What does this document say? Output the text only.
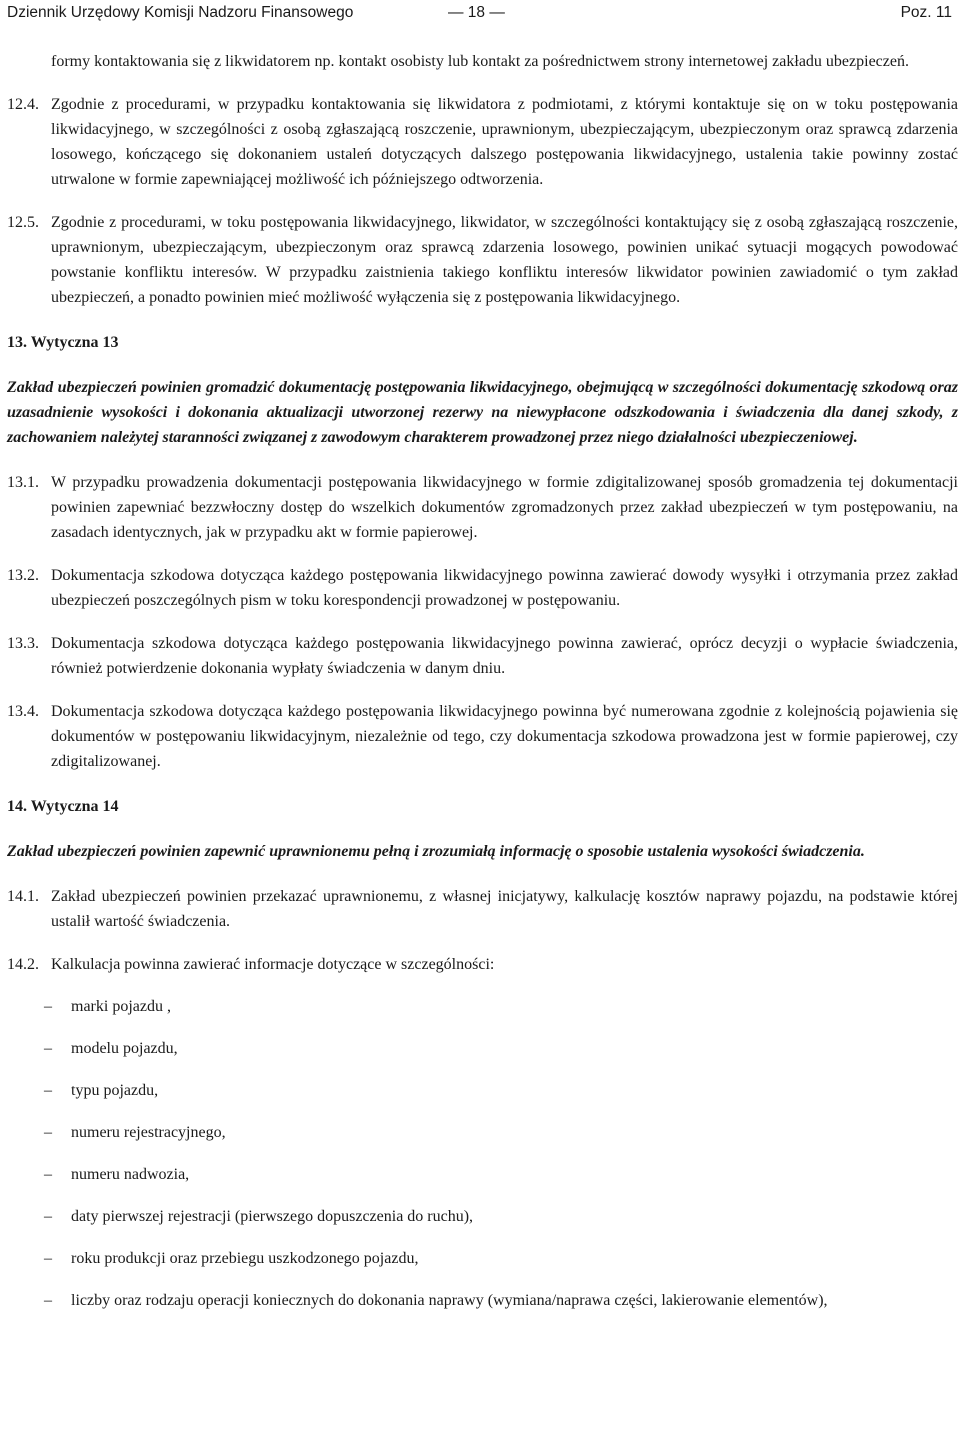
Dziennik Urzędowy Komisji Nadzoru Finansowego	— 18 —	Poz. 11

formy kontaktowania się z likwidatorem np. kontakt osobisty lub kontakt za pośrednictwem strony internetowej zakładu ubezpieczeń.

12.4. Zgodnie z procedurami, w przypadku kontaktowania się likwidatora z podmiotami, z którymi kontaktuje się on w toku postępowania likwidacyjnego, w szczególności z osobą zgłaszającą roszczenie, uprawnionym, ubezpieczającym, ubezpieczonym oraz sprawcą zdarzenia losowego, kończącego się dokonaniem ustaleń dotyczących dalszego postępowania likwidacyjnego, ustalenia takie powinny zostać utrwalone w formie zapewniającej możliwość ich późniejszego odtworzenia.
12.5. Zgodnie z procedurami, w toku postępowania likwidacyjnego, likwidator, w szczególności kontaktujący się z osobą zgłaszającą roszczenie, uprawnionym, ubezpieczającym, ubezpieczonym oraz sprawcą zdarzenia losowego, powinien unikać sytuacji mogących powodować powstanie konfliktu interesów. W przypadku zaistnienia takiego konfliktu interesów likwidator powinien zawiadomić o tym zakład ubezpieczeń, a ponadto powinien mieć możliwość wyłączenia się z postępowania likwidacyjnego.

13. Wytyczna 13

Zakład ubezpieczeń powinien gromadzić dokumentację postępowania likwidacyjnego, obejmującą w szczególności dokumentację szkodową oraz uzasadnienie wysokości i dokonania aktualizacji utworzonej rezerwy na niewypłacone odszkodowania i świadczenia dla danej szkody, z zachowaniem należytej staranności związanej z zawodowym charakterem prowadzonej przez niego działalności ubezpieczeniowej.

13.1. W przypadku prowadzenia dokumentacji postępowania likwidacyjnego w formie zdigitalizowanej sposób gromadzenia tej dokumentacji powinien zapewniać bezzwłoczny dostęp do wszelkich dokumentów zgromadzonych przez zakład ubezpieczeń w tym postępowaniu, na zasadach identycznych, jak w przypadku akt w formie papierowej.
13.2. Dokumentacja szkodowa dotycząca każdego postępowania likwidacyjnego powinna zawierać dowody wysyłki i otrzymania przez zakład ubezpieczeń poszczególnych pism w toku korespondencji prowadzonej w postępowaniu.
13.3. Dokumentacja szkodowa dotycząca każdego postępowania likwidacyjnego powinna zawierać, oprócz decyzji o wypłacie świadczenia, również potwierdzenie dokonania wypłaty świadczenia w danym dniu.
13.4. Dokumentacja szkodowa dotycząca każdego postępowania likwidacyjnego powinna być numerowana zgodnie z kolejnością pojawienia się dokumentów w postępowaniu likwidacyjnym, niezależnie od tego, czy dokumentacja szkodowa prowadzona jest w formie papierowej, czy zdigitalizowanej.

14. Wytyczna 14

Zakład ubezpieczeń powinien zapewnić uprawnionemu pełną i zrozumiałą informację o sposobie ustalenia wysokości świadczenia.

14.1. Zakład ubezpieczeń powinien przekazać uprawnionemu, z własnej inicjatywy, kalkulację kosztów naprawy pojazdu, na podstawie której ustalił wartość świadczenia.
14.2. Kalkulacja powinna zawierać informacje dotyczące w szczególności:
– marki pojazdu ,
– modelu pojazdu,
– typu pojazdu,
– numeru rejestracyjnego,
– numeru nadwozia,
– daty pierwszej rejestracji (pierwszego dopuszczenia do ruchu),
– roku produkcji oraz przebiegu uszkodzonego pojazdu,
– liczby oraz rodzaju operacji koniecznych do dokonania naprawy (wymiana/naprawa części, lakierowanie elementów),
